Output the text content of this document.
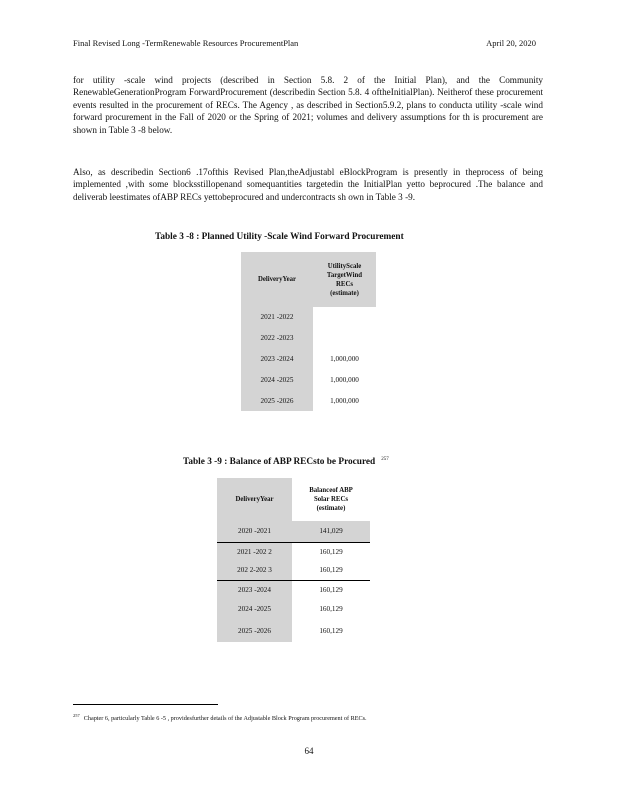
Final Revised Long -TermRenewable Resources ProcurementPlan	April 20, 2020
for utility -scale wind projects (described in Section 5.8. 2 of the Initial Plan), and the Community RenewableGenerationProgram ForwardProcurement (describedin Section 5.8. 4 oftheInitialPlan). Neitherof these procurement events resulted in the procurement of RECs. The Agency , as described in Section5.9.2, plans to conducta utility -scale wind forward procurement in the Fall of 2020 or the Spring of 2021; volumes and delivery assumptions for th is procurement are shown in Table 3 -8 below.
Also, as describedin Section6 .17ofthis Revised Plan,theAdjustabl eBlockProgram is presently in theprocess of being implemented ,with some blocksstillopenand somequantities targetedin the InitialPlan yetto beprocured .The balance and deliverab leestimates ofABP RECs yettobeprocured and undercontracts sh own in Table 3 -9.
Table 3 -8 : Planned Utility -Scale Wind Forward Procurement
DeliveryYear	UtilityScale
TargetWind
RECs
(estimate)
2021 -2022	
2022 -2023	
2023 -2024	1,000,000
2024 -2025	1,000,000
2025 -2026	1,000,000
Table 3 -9 : Balance of ABP RECsto be Procured $^{257}$
DeliveryYear	Balanceof ABP
Solar RECs
(estimate)
2020 -2021	141,029
2021 -202 2	160,129
202 2-202 3	160,129
2023 -2024	160,129
2024 -2025	160,129
2025 -2026	160,129
$^{257}$ Chapter 6, particularly Table 6 -5 , providesfurther details of the Adjustable Block Program procurement of RECs.
64
